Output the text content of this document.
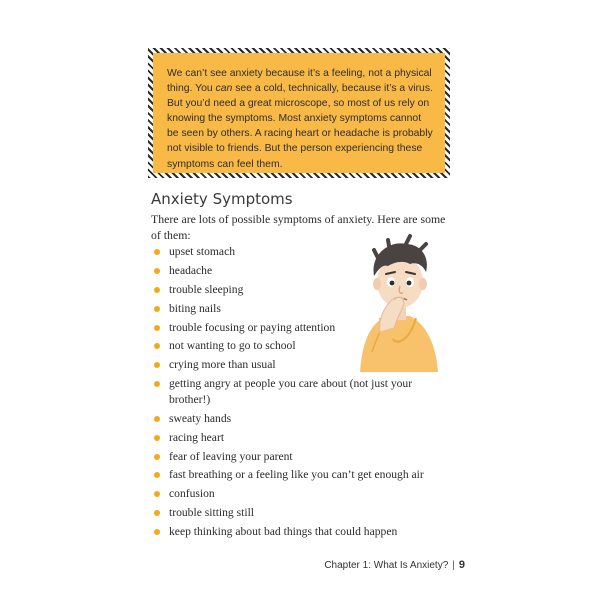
We can’t see anxiety because it’s a feeling, not a physical thing. You can see a cold, technically, because it’s a virus. But you’d need a great microscope, so most of us rely on knowing the symptoms. Most anxiety symptoms cannot be seen by others. A racing heart or headache is probably not visible to friends. But the person experiencing these symptoms can feel them.
Anxiety Symptoms

There are lots of possible symptoms of anxiety. Here are some of them:

upset stomach
headache
trouble sleeping
biting nails
trouble focusing or paying attention
not wanting to go to school
crying more than usual
getting angry at people you care about (not just your brother!)
sweaty hands
racing heart
fear of leaving your parent
fast breathing or a feeling like you can’t get enough air
confusion
trouble sitting still
keep thinking about bad things that could happen
Chapter 1: What Is Anxiety? | 9
